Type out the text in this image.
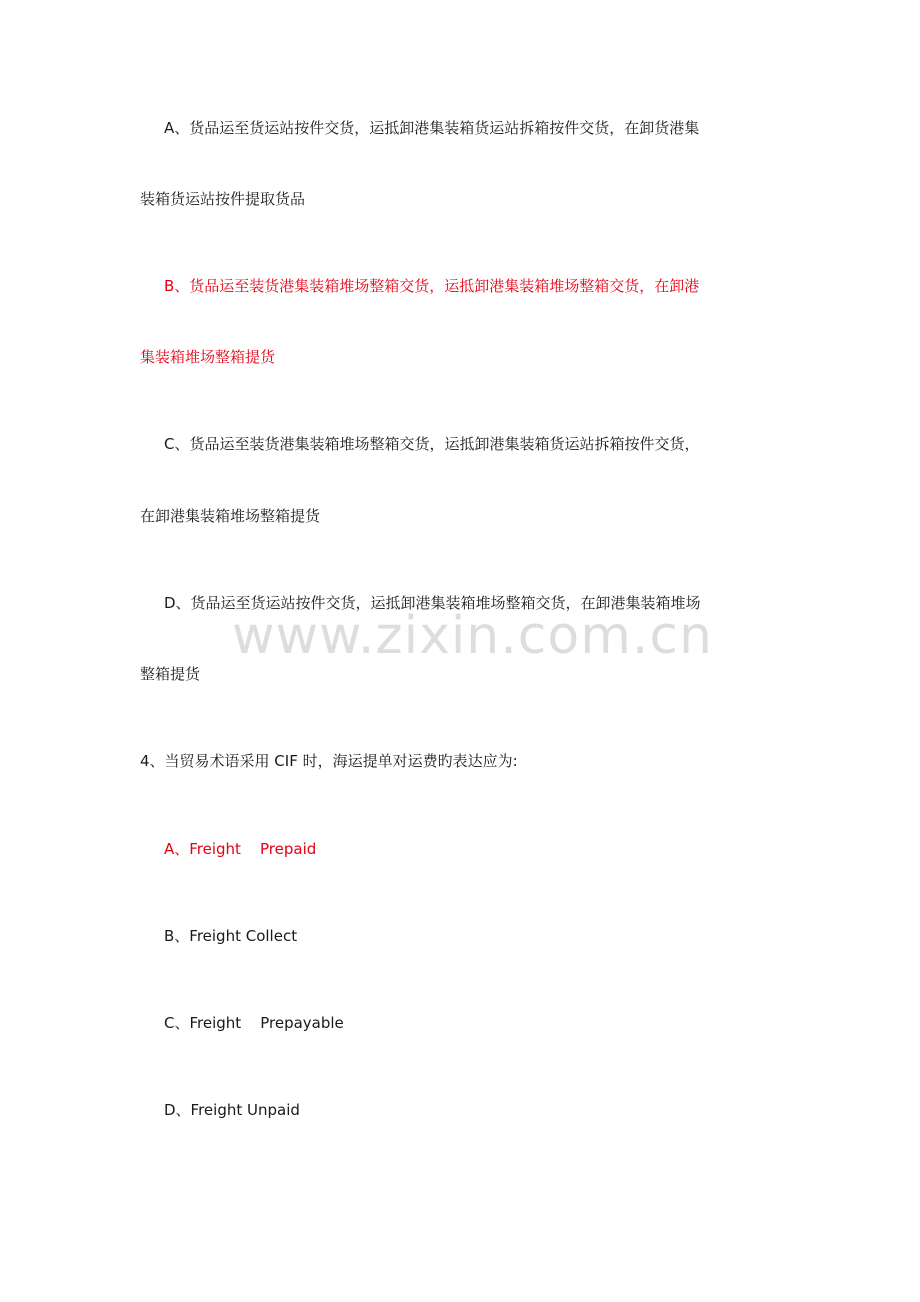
A、货品运至货运站按件交货，运抵卸港集装箱货运站拆箱按件交货，在卸货港集
装箱货运站按件提取货品
B、货品运至装货港集装箱堆场整箱交货，运抵卸港集装箱堆场整箱交货，在卸港
集装箱堆场整箱提货
C、货品运至装货港集装箱堆场整箱交货，运抵卸港集装箱货运站拆箱按件交货，
在卸港集装箱堆场整箱提货
D、货品运至货运站按件交货，运抵卸港集装箱堆场整箱交货，在卸港集装箱堆场
整箱提货
www.zixin.com.cn
4、当贸易术语采用 CIF 时，海运提单对运费旳表达应为:
A、Freight    Prepaid
B、Freight Collect
C、Freight    Prepayable
D、Freight Unpaid
